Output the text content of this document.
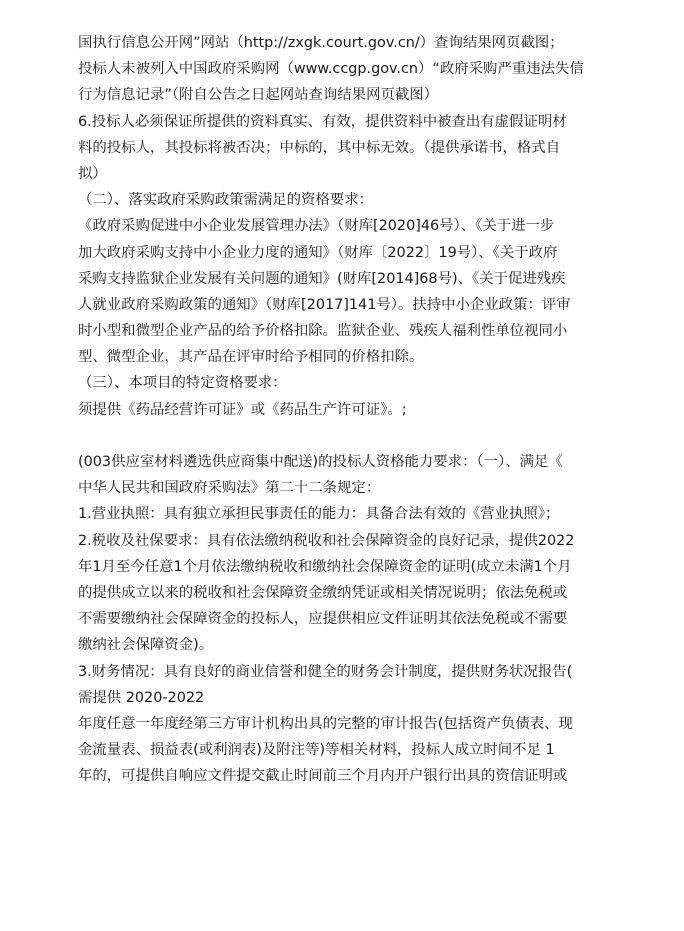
国执行信息公开网”网站（http://zxgk.court.gov.cn/）查询结果网页截图；
投标人未被列入中国政府采购网（www.ccgp.gov.cn）“政府采购严重违法失信
行为信息记录”（附自公告之日起网站查询结果网页截图）
6.投标人必须保证所提供的资料真实、有效，提供资料中被查出有虚假证明材
料的投标人，其投标将被否决；中标的，其中标无效。（提供承诺书，格式自
拟）
（二）、落实政府采购政策需满足的资格要求：
《政府采购促进中小企业发展管理办法》（财库[2020]46号）、《关于进一步
加大政府采购支持中小企业力度的通知》（财库〔2022〕19号）、《关于政府
采购支持监狱企业发展有关问题的通知》(财库[2014]68号)、《关于促进残疾
人就业政府采购政策的通知》（财库[2017]141号）。扶持中小企业政策：评审
时小型和微型企业产品的给予价格扣除。监狱企业、残疾人福利性单位视同小
型、微型企业，其产品在评审时给予相同的价格扣除。
（三）、本项目的特定资格要求：
须提供《药品经营许可证》或《药品生产许可证》。;
(003供应室材料遴选供应商集中配送)的投标人资格能力要求：（一）、满足《
中华人民共和国政府采购法》第二十二条规定：
1.营业执照：具有独立承担民事责任的能力：具备合法有效的《营业执照》；
2.税收及社保要求：具有依法缴纳税收和社会保障资金的良好记录，提供2022
年1月至今任意1个月依法缴纳税收和缴纳社会保障资金的证明(成立未满1个月
的提供成立以来的税收和社会保障资金缴纳凭证或相关情况说明；依法免税或
不需要缴纳社会保障资金的投标人，应提供相应文件证明其依法免税或不需要
缴纳社会保障资金)。
3.财务情况：具有良好的商业信誉和健全的财务会计制度，提供财务状况报告(
需提供 2020-2022
年度任意一年度经第三方审计机构出具的完整的审计报告(包括资产负债表、现
金流量表、损益表(或利润表)及附注等)等相关材料，投标人成立时间不足 1
年的，可提供自响应文件提交截止时间前三个月内开户银行出具的资信证明或
